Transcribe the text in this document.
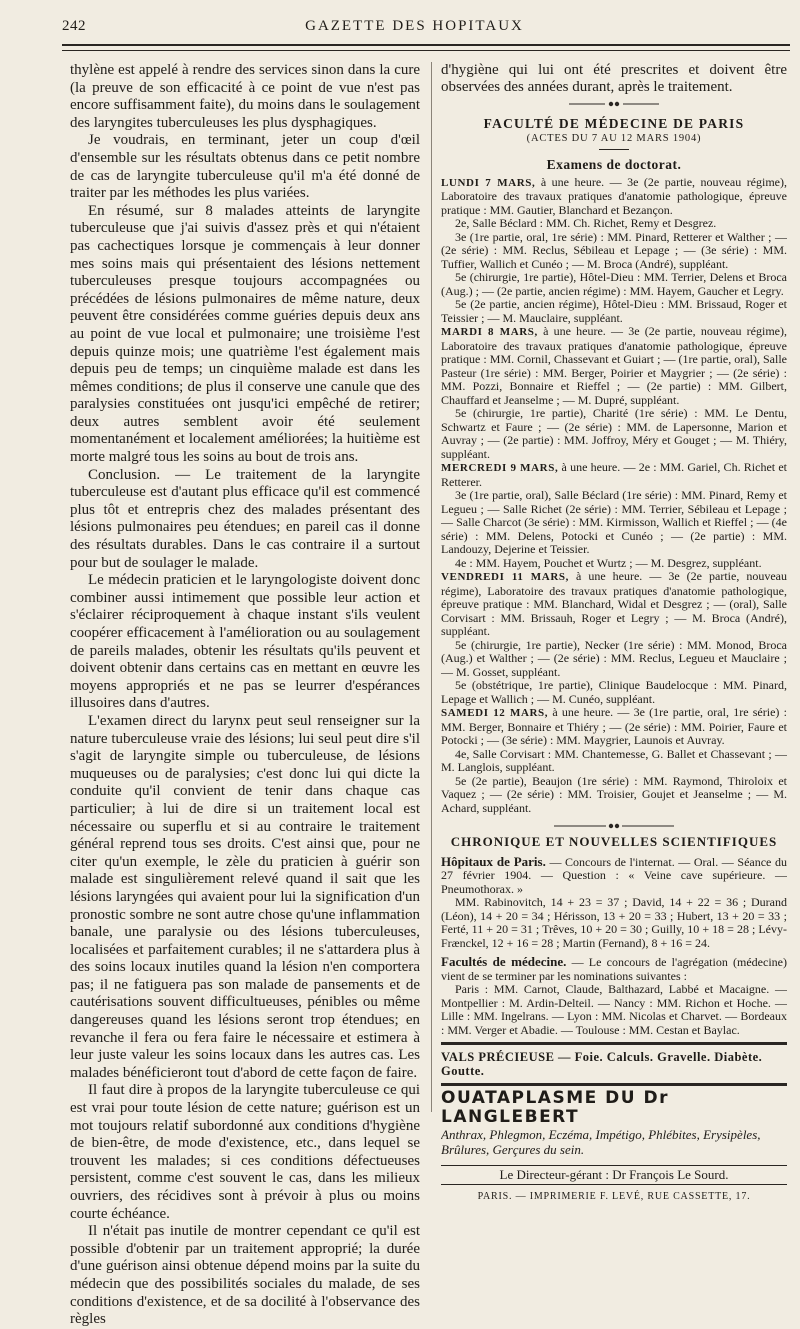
242	GAZETTE DES HOPITAUX

thylène est appelé à rendre des services sinon dans la cure (la preuve de son efficacité à ce point de vue n'est pas encore suffisamment faite), du moins dans le soulagement des laryngites tuberculeuses les plus dysphagiques.

Je voudrais, en terminant, jeter un coup d'œil d'ensemble sur les résultats obtenus dans ce petit nombre de cas de laryngite tuberculeuse qu'il m'a été donné de traiter par les méthodes les plus variées.

En résumé, sur 8 malades atteints de laryngite tuberculeuse que j'ai suivis d'assez près et qui n'étaient pas cachectiques lorsque je commençais à leur donner mes soins mais qui présentaient des lésions nettement tuberculeuses presque toujours accompagnées ou précédées de lésions pulmonaires de même nature, deux peuvent être considérées comme guéries depuis deux ans au point de vue local et pulmonaire; une troisième l'est depuis quinze mois; une quatrième l'est également mais depuis peu de temps; un cinquième malade est dans les mêmes conditions; de plus il conserve une canule que des paralysies constituées ont jusqu'ici empêché de retirer; deux autres semblent avoir été seulement momentanément et localement améliorées; la huitième est morte malgré tous les soins au bout de trois ans.

Conclusion. — Le traitement de la laryngite tuberculeuse est d'autant plus efficace qu'il est commencé plus tôt et entrepris chez des malades présentant des lésions pulmonaires peu étendues; en pareil cas il donne des résultats durables. Dans le cas contraire il a surtout pour but de soulager le malade.

Le médecin praticien et le laryngologiste doivent donc combiner aussi intimement que possible leur action et s'éclairer réciproquement à chaque instant s'ils veulent coopérer efficacement à l'amélioration ou au soulagement de pareils malades, obtenir les résultats qu'ils peuvent et doivent obtenir dans certains cas en mettant en œuvre les moyens appropriés et ne pas se leurrer d'espérances illusoires dans d'autres.

L'examen direct du larynx peut seul renseigner sur la nature tuberculeuse vraie des lésions; lui seul peut dire s'il s'agit de laryngite simple ou tuberculeuse, de lésions muqueuses ou de paralysies; c'est donc lui qui dicte la conduite qu'il convient de tenir dans chaque cas particulier; à lui de dire si un traitement local est nécessaire ou superflu et si au contraire le traitement général reprend tous ses droits. C'est ainsi que, pour ne citer qu'un exemple, le zèle du praticien à guérir son malade est singulièrement relevé quand il sait que les lésions laryngées qui avaient pour lui la signification d'un pronostic sombre ne sont autre chose qu'une inflammation banale, une paralysie ou des lésions tuberculeuses, localisées et parfaitement curables; il ne s'attardera plus à des soins locaux inutiles quand la lésion n'en comportera pas; il ne fatiguera pas son malade de pansements et de cautérisations souvent difficultueuses, pénibles ou même dangereuses quand les lésions seront trop étendues; en revanche il fera ou fera faire le nécessaire et estimera à leur juste valeur les soins locaux dans les autres cas. Les malades bénéficieront tout d'abord de cette façon de faire.

Il faut dire à propos de la laryngite tuberculeuse ce qui est vrai pour toute lésion de cette nature; guérison est un mot toujours relatif subordonné aux conditions d'hygiène de bien-être, de mode d'existence, etc., dans lequel se trouvent les malades; si ces conditions défectueuses persistent, comme c'est souvent le cas, dans les milieux ouvriers, des récidives sont à prévoir à plus ou moins courte échéance.

Il n'était pas inutile de montrer cependant ce qu'il est possible d'obtenir par un traitement approprié; la durée d'une guérison ainsi obtenue dépend moins par la suite du médecin que des possibilités sociales du malade, de ses conditions d'existence, et de sa docilité à l'observance des règles

d'hygiène qui lui ont été prescrites et doivent être observées des années durant, après le traitement.

FACULTÉ DE MÉDECINE DE PARIS
(ACTES DU 7 AU 12 MARS 1904)
Examens de doctorat.

LUNDI 7 MARS, à une heure. — 3e (2e partie, nouveau régime), Laboratoire des travaux pratiques d'anatomie pathologique, épreuve pratique : MM. Gautier, Blanchard et Bezançon.

2e, Salle Béclard : MM. Ch. Richet, Remy et Desgrez.

3e (1re partie, oral, 1re série) : MM. Pinard, Retterer et Walther ; — (2e série) : MM. Reclus, Sébileau et Lepage ; — (3e série) : MM. Tuffier, Wallich et Cunéo ; — M. Broca (André), suppléant.

5e (chirurgie, 1re partie), Hôtel-Dieu : MM. Terrier, Delens et Broca (Aug.) ; — (2e partie, ancien régime) : MM. Hayem, Gaucher et Legry.

5e (2e partie, ancien régime), Hôtel-Dieu : MM. Brissaud, Roger et Teissier ; — M. Mauclaire, suppléant.

MARDI 8 MARS, à une heure. — 3e (2e partie, nouveau régime), Laboratoire des travaux pratiques d'anatomie pathologique, épreuve pratique : MM. Cornil, Chassevant et Guiart ; — (1re partie, oral), Salle Pasteur (1re série) : MM. Berger, Poirier et Maygrier ; — (2e série) : MM. Pozzi, Bonnaire et Rieffel ; — (2e partie) : MM. Gilbert, Chauffard et Jeanselme ; — M. Dupré, suppléant.

5e (chirurgie, 1re partie), Charité (1re série) : MM. Le Dentu, Schwartz et Faure ; — (2e série) : MM. de Lapersonne, Marion et Auvray ; — (2e partie) : MM. Joffroy, Méry et Gouget ; — M. Thiéry, suppléant.

MERCREDI 9 MARS, à une heure. — 2e : MM. Gariel, Ch. Richet et Retterer.

3e (1re partie, oral), Salle Béclard (1re série) : MM. Pinard, Remy et Legueu ; — Salle Richet (2e série) : MM. Terrier, Sébileau et Lepage ; — Salle Charcot (3e série) : MM. Kirmisson, Wallich et Rieffel ; — (4e série) : MM. Delens, Potocki et Cunéo ; — (2e partie) : MM. Landouzy, Dejerine et Teissier.

4e : MM. Hayem, Pouchet et Wurtz ; — M. Desgrez, suppléant.

VENDREDI 11 MARS, à une heure. — 3e (2e partie, nouveau régime), Laboratoire des travaux pratiques d'anatomie pathologique, épreuve pratique : MM. Blanchard, Widal et Desgrez ; — (oral), Salle Corvisart : MM. Brissauh, Roger et Legry ; — M. Broca (André), suppléant.

5e (chirurgie, 1re partie), Necker (1re série) : MM. Monod, Broca (Aug.) et Walther ; — (2e série) : MM. Reclus, Legueu et Mauclaire ; — M. Gosset, suppléant.

5e (obstétrique, 1re partie), Clinique Baudelocque : MM. Pinard, Lepage et Wallich ; — M. Cunéo, suppléant.

SAMEDI 12 MARS, à une heure. — 3e (1re partie, oral, 1re série) : MM. Berger, Bonnaire et Thiéry ; — (2e série) : MM. Poirier, Faure et Potocki ; — (3e série) : MM. Maygrier, Launois et Auvray.

4e, Salle Corvisart : MM. Chantemesse, G. Ballet et Chassevant ; — M. Langlois, suppléant.

5e (2e partie), Beaujon (1re série) : MM. Raymond, Thiroloix et Vaquez ; — (2e série) : MM. Troisier, Goujet et Jeanselme ; — M. Achard, suppléant.

CHRONIQUE ET NOUVELLES SCIENTIFIQUES

Hôpitaux de Paris. — Concours de l'internat. — Oral. — Séance du 27 février 1904. — Question : « Veine cave supérieure. — Pneumothorax. »

MM. Rabinovitch, 14 + 23 = 37 ; David, 14 + 22 = 36 ; Durand (Léon), 14 + 20 = 34 ; Hérisson, 13 + 20 = 33 ; Hubert, 13 + 20 = 33 ; Ferté, 11 + 20 = 31 ; Trêves, 10 + 20 = 30 ; Guilly, 10 + 18 = 28 ; Lévy-Frænckel, 12 + 16 = 28 ; Martin (Fernand), 8 + 16 = 24.

Facultés de médecine. — Le concours de l'agrégation (médecine) vient de se terminer par les nominations suivantes :

Paris : MM. Carnot, Claude, Balthazard, Labbé et Macaigne. — Montpellier : M. Ardin-Delteil. — Nancy : MM. Richon et Hoche. — Lille : MM. Ingelrans. — Lyon : MM. Nicolas et Charvet. — Bordeaux : MM. Verger et Abadie. — Toulouse : MM. Cestan et Baylac.

VALS PRÉCIEUSE — Foie. Calculs. Gravelle. Diabète. Goutte.
OUATAPLASME DU Dr LANGLEBERT
Anthrax, Phlegmon, Eczéma, Impétigo, Phlébites, Erysipèles, Brûlures, Gerçures du sein.
Le Directeur-gérant : Dr François Le Sourd.
PARIS. — IMPRIMERIE F. LEVÉ, RUE CASSETTE, 17.
